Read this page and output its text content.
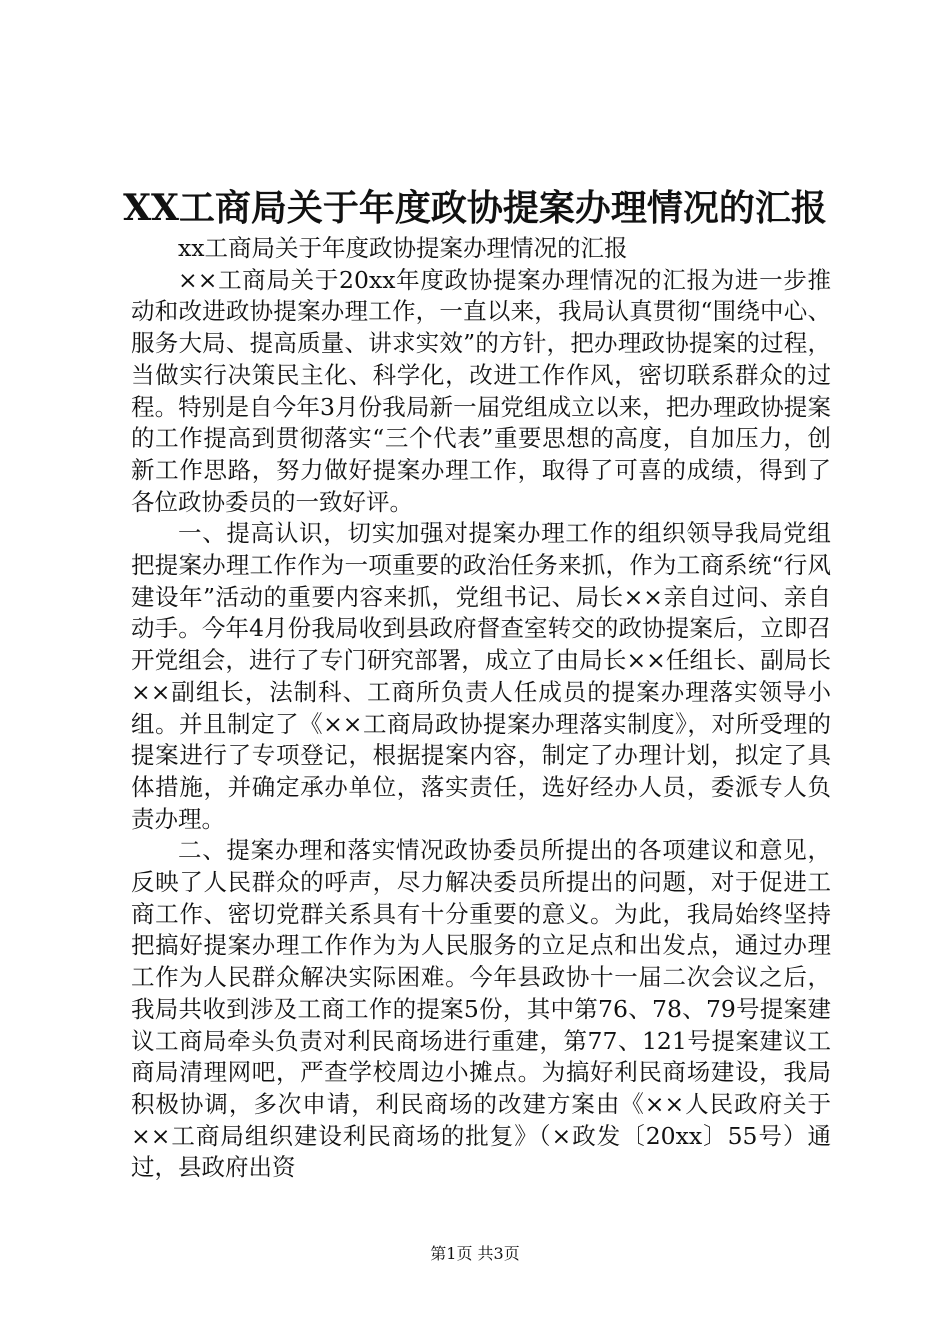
XX工商局关于年度政协提案办理情况的汇报

xx工商局关于年度政协提案办理情况的汇报

××工商局关于20xx年度政协提案办理情况的汇报为进一步推动和改进政协提案办理工作，一直以来，我局认真贯彻“围绕中心、服务大局、提高质量、讲求实效”的方针，把办理政协提案的过程，当做实行决策民主化、科学化，改进工作作风，密切联系群众的过程。特别是自今年3月份我局新一届党组成立以来，把办理政协提案的工作提高到贯彻落实“三个代表”重要思想的高度，自加压力，创新工作思路，努力做好提案办理工作，取得了可喜的成绩，得到了各位政协委员的一致好评。

一、提高认识，切实加强对提案办理工作的组织领导我局党组把提案办理工作作为一项重要的政治任务来抓，作为工商系统“行风建设年”活动的重要内容来抓，党组书记、局长××亲自过问、亲自动手。今年4月份我局收到县政府督查室转交的政协提案后，立即召开党组会，进行了专门研究部署，成立了由局长××任组长、副局长××副组长，法制科、工商所负责人任成员的提案办理落实领导小组。并且制定了《××工商局政协提案办理落实制度》，对所受理的提案进行了专项登记，根据提案内容，制定了办理计划，拟定了具体措施，并确定承办单位，落实责任，选好经办人员，委派专人负责办理。

二、提案办理和落实情况政协委员所提出的各项建议和意见，反映了人民群众的呼声，尽力解决委员所提出的问题，对于促进工商工作、密切党群关系具有十分重要的意义。为此，我局始终坚持把搞好提案办理工作作为为人民服务的立足点和出发点，通过办理工作为人民群众解决实际困难。今年县政协十一届二次会议之后，我局共收到涉及工商工作的提案5份，其中第76、78、79号提案建议工商局牵头负责对利民商场进行重建，第77、121号提案建议工商局清理网吧，严查学校周边小摊点。为搞好利民商场建设，我局积极协调，多次申请，利民商场的改建方案由《××人民政府关于××工商局组织建设利民商场的批复》（×政发〔20xx〕55号）通过，县政府出资

第1页 共3页
